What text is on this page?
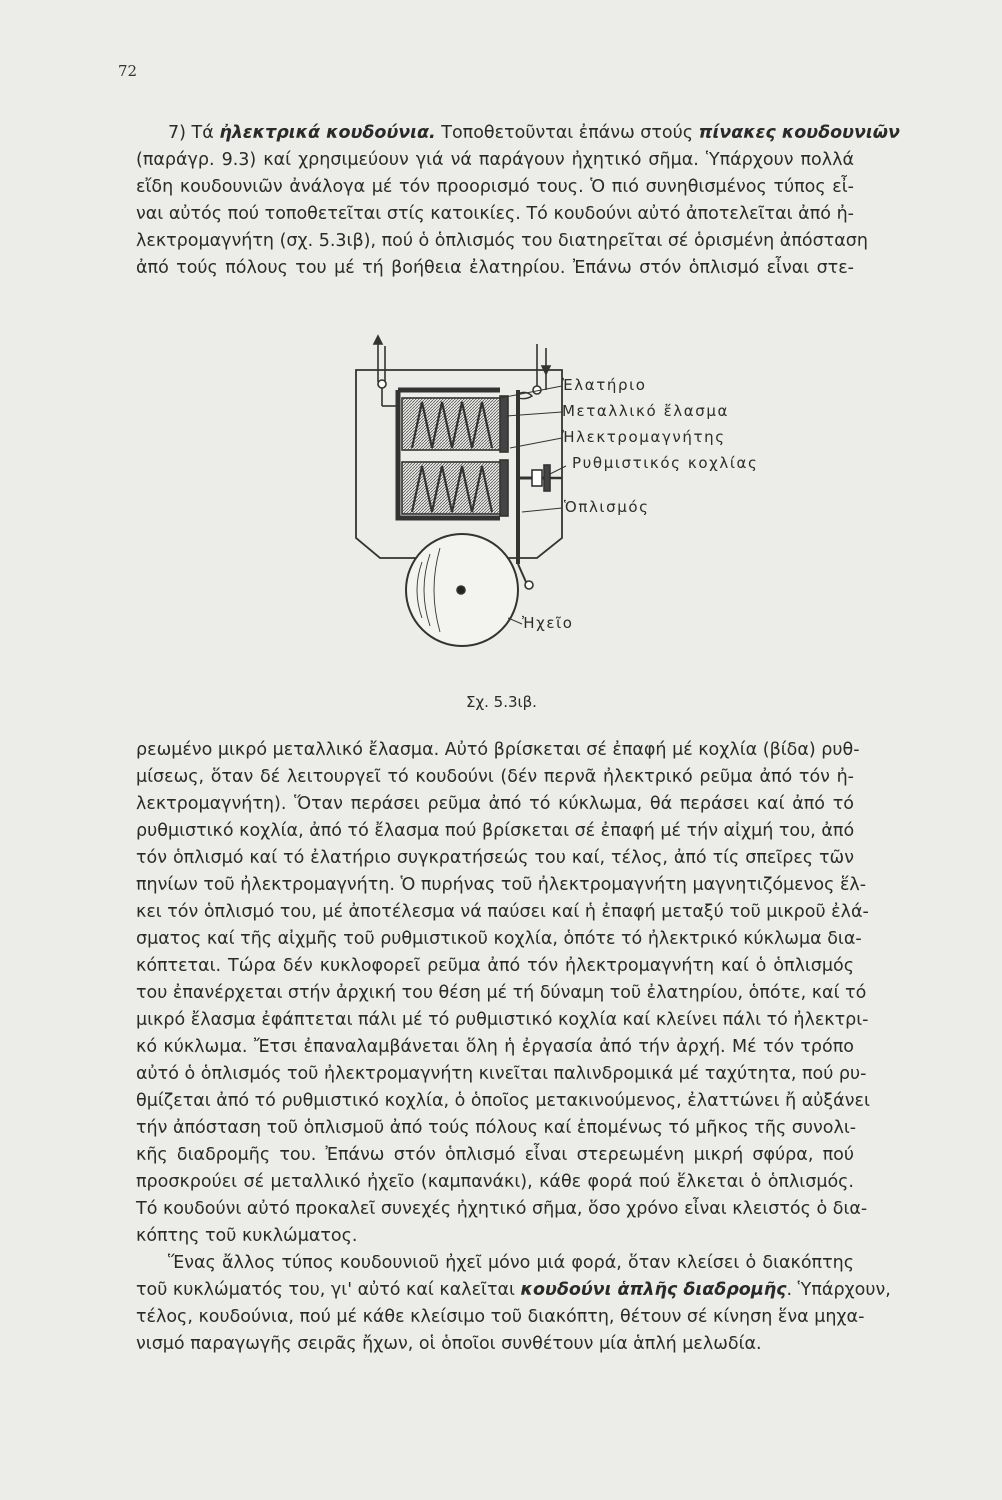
72
7) Τά ἠλεκτρικά κουδούνια. Τοποθετοῦνται ἐπάνω στούς πίνακες κουδουνιῶν
(παράγρ. 9.3) καί χρησιμεύουν γιά νά παράγουν ἠχητικό σῆμα. Ὑπάρχουν πολλά
εἴδη κουδουνιῶν ἀνάλογα μέ τόν προορισμό τους. Ὁ πιό συνηθισμένος τύπος εἶ-
ναι αὐτός πού τοποθετεῖται στίς κατοικίες. Τό κουδούνι αὐτό ἀποτελεῖται ἀπό ἠ-
λεκτρομαγνήτη (σχ. 5.3ιβ), πού ὁ ὁπλισμός του διατηρεῖται σέ ὁρισμένη ἀπόσταση
ἀπό τούς πόλους του μέ τή βοήθεια ἐλατηρίου. Ἐπάνω στόν ὁπλισμό εἶναι στε-
Ἐλατήριο
Μεταλλικό ἔλασμα
Ἠλεκτρομαγνήτης
Ρυθμιστικός κοχλίας
Ὁπλισμός
Ἠχεῖο
Σχ. 5.3ιβ.
ρεωμένο μικρό μεταλλικό ἔλασμα. Αὐτό βρίσκεται σέ ἐπαφή μέ κοχλία (βίδα) ρυθ-
μίσεως, ὅταν δέ λειτουργεῖ τό κουδούνι (δέν περνᾶ ἠλεκτρικό ρεῦμα ἀπό τόν ἠ-
λεκτρομαγνήτη). Ὅταν περάσει ρεῦμα ἀπό τό κύκλωμα, θά περάσει καί ἀπό τό
ρυθμιστικό κοχλία, ἀπό τό ἔλασμα πού βρίσκεται σέ ἐπαφή μέ τήν αἰχμή του, ἀπό
τόν ὁπλισμό καί τό ἐλατήριο συγκρατήσεώς του καί, τέλος, ἀπό τίς σπεῖρες τῶν
πηνίων τοῦ ἠλεκτρομαγνήτη. Ὁ πυρήνας τοῦ ἠλεκτρομαγνήτη μαγνητιζόμενος ἕλ-
κει τόν ὁπλισμό του, μέ ἀποτέλεσμα νά παύσει καί ἡ ἐπαφή μεταξύ τοῦ μικροῦ ἐλά-
σματος καί τῆς αἰχμῆς τοῦ ρυθμιστικοῦ κοχλία, ὁπότε τό ἠλεκτρικό κύκλωμα δια-
κόπτεται. Τώρα δέν κυκλοφορεῖ ρεῦμα ἀπό τόν ἠλεκτρομαγνήτη καί ὁ ὁπλισμός
του ἐπανέρχεται στήν ἀρχική του θέση μέ τή δύναμη τοῦ ἐλατηρίου, ὁπότε, καί τό
μικρό ἔλασμα ἐφάπτεται πάλι μέ τό ρυθμιστικό κοχλία καί κλείνει πάλι τό ἠλεκτρι-
κό κύκλωμα. Ἔτσι ἐπαναλαμβάνεται ὅλη ἡ ἐργασία ἀπό τήν ἀρχή. Μέ τόν τρόπο
αὐτό ὁ ὁπλισμός τοῦ ἠλεκτρομαγνήτη κινεῖται παλινδρομικά μέ ταχύτητα, πού ρυ-
θμίζεται ἀπό τό ρυθμιστικό κοχλία, ὁ ὁποῖος μετακινούμενος, ἐλαττώνει ἤ αὐξάνει
τήν ἀπόσταση τοῦ ὁπλισμοῦ ἀπό τούς πόλους καί ἑπομένως τό μῆκος τῆς συνολι-
κῆς διαδρομῆς του. Ἐπάνω στόν ὁπλισμό εἶναι στερεωμένη μικρή σφύρα, πού
προσκρούει σέ μεταλλικό ἠχεῖο (καμπανάκι), κάθε φορά πού ἕλκεται ὁ ὁπλισμός.
Τό κουδούνι αὐτό προκαλεῖ συνεχές ἠχητικό σῆμα, ὅσο χρόνο εἶναι κλειστός ὁ δια-
κόπτης τοῦ κυκλώματος.
Ἕνας ἄλλος τύπος κουδουνιοῦ ἠχεῖ μόνο μιά φορά, ὅταν κλείσει ὁ διακόπτης
τοῦ κυκλώματός του, γι' αὐτό καί καλεῖται κουδούνι ἁπλῆς διαδρομῆς. Ὑπάρχουν,
τέλος, κουδούνια, πού μέ κάθε κλείσιμο τοῦ διακόπτη, θέτουν σέ κίνηση ἕνα μηχα-
νισμό παραγωγῆς σειρᾶς ἤχων, οἱ ὁποῖοι συνθέτουν μία ἁπλή μελωδία.
